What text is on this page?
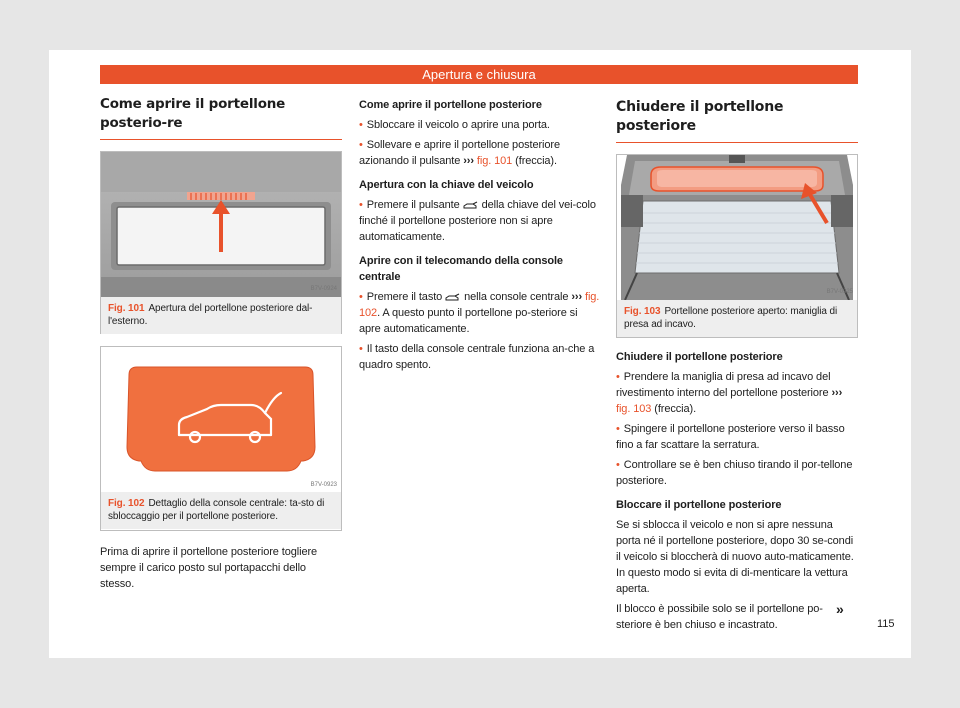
Apertura e chiusura
Come aprire il portellone posterio-re
B7V-0924
Fig. 101 Apertura del portellone posteriore dal-l'esterno.
B7V-0923
Fig. 102 Dettaglio della console centrale: ta-sto di sbloccaggio per il portellone posteriore.

Prima di aprire il portellone posteriore togliere sempre il carico posto sul portapacchi dello stesso.

Come aprire il portellone posteriore

• Sbloccare il veicolo o aprire una porta.

• Sollevare e aprire il portellone posteriore azionando il pulsante ››› fig. 101 (freccia).

Apertura con la chiave del veicolo

• Premere il pulsante della chiave del vei-colo finché il portellone posteriore non si apre automaticamente.

Aprire con il telecomando della console centrale

• Premere il tasto nella console centrale ››› fig. 102. A questo punto il portellone po-steriore si apre automaticamente.

• Il tasto della console centrale funziona an-che a quadro spento.

Chiudere il portellone posteriore
B7V-0925
Fig. 103 Portellone posteriore aperto: maniglia di presa ad incavo.

Chiudere il portellone posteriore

• Prendere la maniglia di presa ad incavo del rivestimento interno del portellone posteriore ››› fig. 103 (freccia).

• Spingere il portellone posteriore verso il basso fino a far scattare la serratura.

• Controllare se è ben chiuso tirando il por-tellone posteriore.

Bloccare il portellone posteriore

Se si sblocca il veicolo e non si apre nessuna porta né il portellone posteriore, dopo 30 se-condi il veicolo si bloccherà di nuovo auto-maticamente. In questo modo si evita di di-menticare la vettura aperta.

Il blocco è possibile solo se il portellone po-steriore è ben chiuso e incastrato.

»
115
